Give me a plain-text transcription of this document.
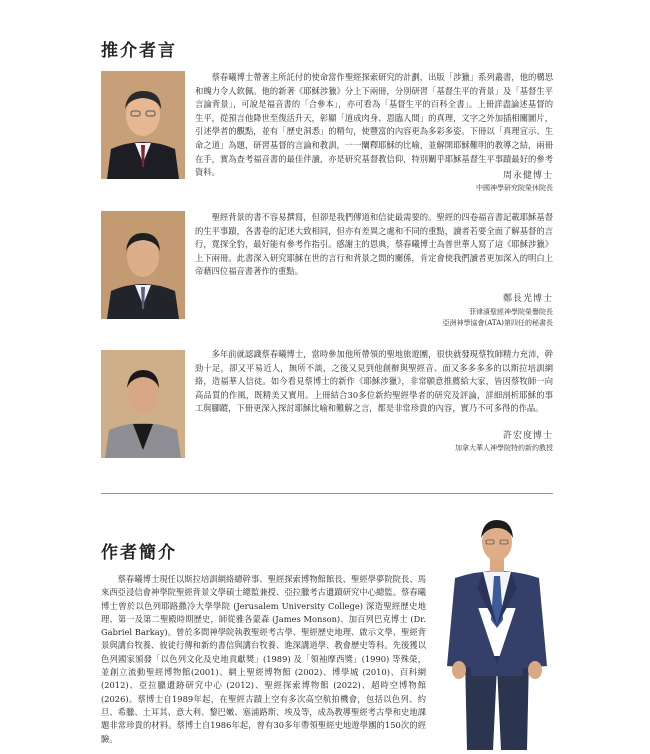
推介者言
蔡春曦博士帶著主所託付的使命當作聖經探索研究的計劃，出版「涉獵」系列叢書，他的構思和魄力令人欽佩。他的新著《耶穌涉獵》分上下兩冊，分別研習「基督生平的背景」及「基督生平言論背景」，可說是福音書的「合參本」，亦可看為「基督生平的百科全書」。上冊詳盡論述基督的生平，從預言他降世至復活升天，彰顯「道成肉身、恩臨人間」的真理，文字之外加插相關圖片，引述學者的觀點，並有「歷史洞悉」的精句，使豐富的內容更為多彩多姿。下冊以「真理宣示、生命之道」為題，研習基督的言論和教訓，一一闡釋耶穌的比喻，並解開耶穌難明的教導之結，兩冊在手，實為查考福音書的最佳伴讀，亦是研究基督教信仰，特別關乎耶穌基督生平事蹟最好的參考資料。	周永健博士
中國神學研究院榮休院長
聖經背景的書不容易撰寫，但卻是我們傳道和信徒最需要的。聖經的四卷福音書記載耶穌基督的生平事蹟，各書卷的記述大致相同，但亦有差異之處和不同的重點，讀者若要全面了解基督的言行，寬探全豹，最好能有參考作指引。感謝主的恩典，蔡春曦博士為普世華人寫了這《耶穌涉獵》上下兩冊。此書深入研究耶穌在世的言行和背景之間的關係，肯定會使我們讀者更加深入的明白上帝藉四位福音書著作的重點。
鄭長光博士
菲律濱聖經神學院榮譽院長
亞洲神學協會(ATA)第四任的秘書長
多年前就認識蔡春曦博士，當時參加他所帶領的聖地旅遊團，很快就發現蔡牧師精力充沛，幹勁十足，卻又平易近人，無所不談，之後又見到他創辦與聖經音、面又多多多多的以斯拉培訓網絡，造福華人信徒。如今看見蔡博士的新作《耶穌涉獵》，非常願意推薦給大家，皆因蔡牧師一向高品質的作風，既精美又實用。上冊結合30多位新約聖經學者的研究及評論，詳細剖析耶穌的事工與腳蹤，下冊更深入探討耶穌比喻和難解之言，都是非常珍貴的內容，實乃不可多得的作品。
許宏度博士
加拿大華人神學院特約新約教授
作者簡介
蔡春曦博士現任以斯拉培訓網絡總幹事、聖經探索博物館館長、聖經學夢院院長、馬來西亞浸信會神學院聖經背景文學碩士總監兼授、亞拉臘考古遺蹟研究中心總監。蔡春曦博士曾於以色列耶路撒冷大學學院 (Jerusalem University College) 深造聖經歷史地理、第一及第二聖殿時期歷史，師從雅各蒙森 (James Monson)、加百列巴克博士 (Dr. Gabriel Barkay)。曾於多間神學院執教聖經考古學、聖經歷史地理、啟示文學、聖經背景與講台牧養、彼徒行傳和新約書信與講台牧養、進深講道學、教會歷史等科。先後獲以色列國家頒發「以色列文化及史地貢獻獎」(1989) 及「領袖摩西獎」(1990) 等殊榮，並創立流動聖經博物館(2001)、網上聖經博物館 (2002)、博學城 (2010)、百科網 (2012)、亞拉臘遺跡研究中心 (2012)、聖經探索博物館 (2022)、超時空博物館(2026)。蔡博士自1989年起，在聖經古蹟上空有多次高空航拍機會，包括以色列、約旦、希臘、土耳其、意大利、黎巴嫩、塞浦路斯、埃及等，成為教導聖經考古學和史地課題非常珍貴的材料。蔡博士自1986年起，曾有30多年帶領聖經史地遊學團的150次的經驗。
